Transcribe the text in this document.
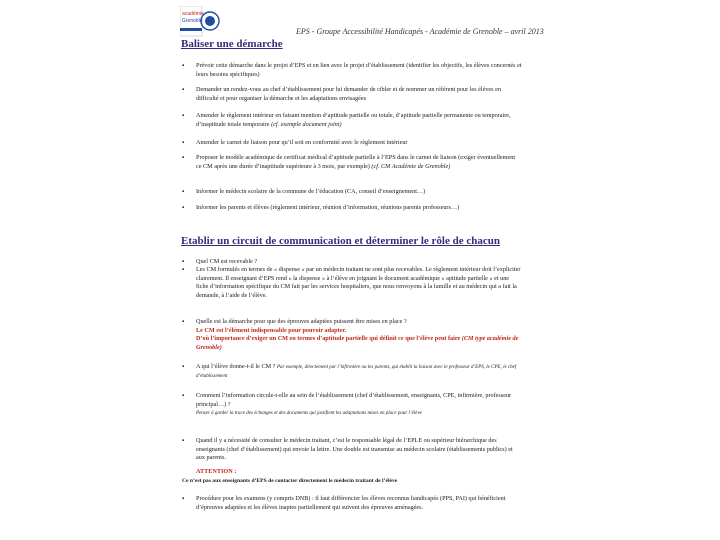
académie
Grenoble
EPS - Groupe Accessibilité Handicapés - Académie de Grenoble – avril 2013
Baliser une démarche
▪ Prévoir cette démarche dans le projet d’EPS et en lien avec le projet d’établissement (identifier les objectifs, les élèves concernés et leurs besoins spécifiques)
▪ Demander un rendez-vous au chef d’établissement pour lui demander de cibler et de nommer un référent pour les élèves en difficulté et pour organiser la démarche et les adaptations envisagées
▪ Amender le règlement intérieur en faisant mention d’aptitude partielle ou totale, d’aptitude partielle permanente ou temporaire, d’inaptitude totale temporaire (cf. exemple document joint)
▪ Amender le carnet de liaison pour qu’il soit en conformité avec le règlement intérieur
▪ Proposer le modèle académique de certificat médical d’aptitude partielle à l’EPS dans le carnet de liaison (exiger éventuellement ce CM après une durée d’inaptitude supérieure à 3 mois, par exemple) (cf. CM Académie de Grenoble)
▪ Informer le médecin scolaire de la commune de l’éducation (CA, conseil d’enseignement…)
▪ Informer les parents et élèves (règlement intérieur, réunion d’information, réunions parents professeurs…)
Etablir un circuit de communication et déterminer le rôle de chacun
▪ Quel CM est recevable ?
▪ Les CM formulés en termes de « dispense » par un médecin traitant ne sont plus recevables. Le règlement intérieur doit l’expliciter clairement. Il enseignant d’EPS rend « la dispense » à l’élève en joignant le document académique « aptitude partielle » et une fiche d’information spécifique du CM fait par les services hospitaliers, que nous renvoyons à la famille et au médecin qui a fait la demande, à l’aide de l’élève.
▪ Quelle est la démarche pour que des épreuves adaptées puissent être mises en place ?
Le CM est l’élément indispensable pour pouvoir adapter.
D’où l’importance d’exiger un CM en termes d’aptitude partielle qui définit ce que l’élève peut faire (CM type académie de Grenoble)
▪ A qui l’élève donne-t-il le CM ? Par exemple, directement par l’infirmière ou les parents, qui établit la liaison avec le professeur d’EPS, le CPE, le chef d’établissement
▪ Comment l’information circule-t-elle au sein de l’établissement (chef d’établissement, enseignants, CPE, infirmière, professeur principal…) ?
Penser à garder la trace des échanges et des documents qui justifient les adaptations mises en place pour l’élève
▪ Quand il y a nécessité de consulter le médecin traitant, c’est le responsable légal de l’EPLE ou supérieur hiérarchique des enseignants (chef d’établissement) qui envoie la lettre. Une double est transmise au médecin scolaire (établissements publics) et aux parents.
ATTENTION :
Ce n’est pas aux enseignants d’EPS de contacter directement le médecin traitant de l’élève
▪ Procédure pour les examens (y compris DNB) : il faut différencier les élèves reconnus handicapés (PPS, PAI) qui bénéficient d’épreuves adaptées et les élèves inaptes partiellement qui suivent des épreuves aménagées.
